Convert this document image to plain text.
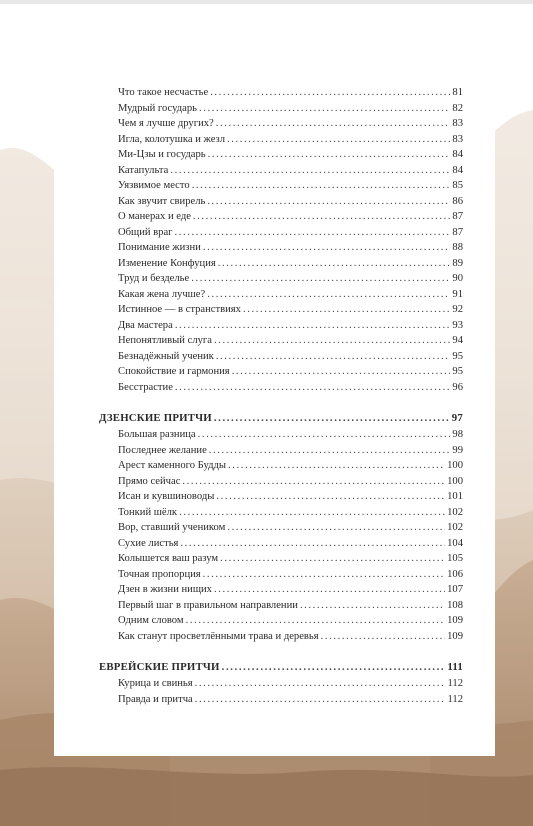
Что такое несчастье .....	81
Мудрый государь .....	82
Чем я лучше других? .....	83
Игла, колотушка и жезл .....	83
Ми-Цзы и государь .....	84
Катапульта .....	84
Уязвимое место .....	85
Как звучит свирель .....	86
О манерах и еде .....	87
Общий враг .....	87
Понимание жизни .....	88
Изменение Конфуция .....	89
Труд и безделье .....	90
Какая жена лучше? .....	91
Истинное — в странствиях .....	92
Два мастера .....	93
Непонятливый слуга .....	94
Безнадёжный ученик .....	95
Спокойствие и гармония .....	95
Бесстрастие .....	96
ДЗЕНСКИЕ ПРИТЧИ .....	97
Большая разница .....	98
Последнее желание .....	99
Арест каменного Будды .....	100
Прямо сейчас .....	100
Исан и кувшиноводы .....	101
Тонкий шёлк .....	102
Вор, ставший учеником .....	102
Сухие листья .....	104
Колышется ваш разум .....	105
Точная пропорция .....	106
Дзен в жизни нищих .....	107
Первый шаг в правильном направлении .....	108
Одним словом .....	109
Как станут просветлёнными трава и деревья .....	109
ЕВРЕЙСКИЕ ПРИТЧИ .....	111
Курица и свинья .....	112
Правда и притча .....	112
